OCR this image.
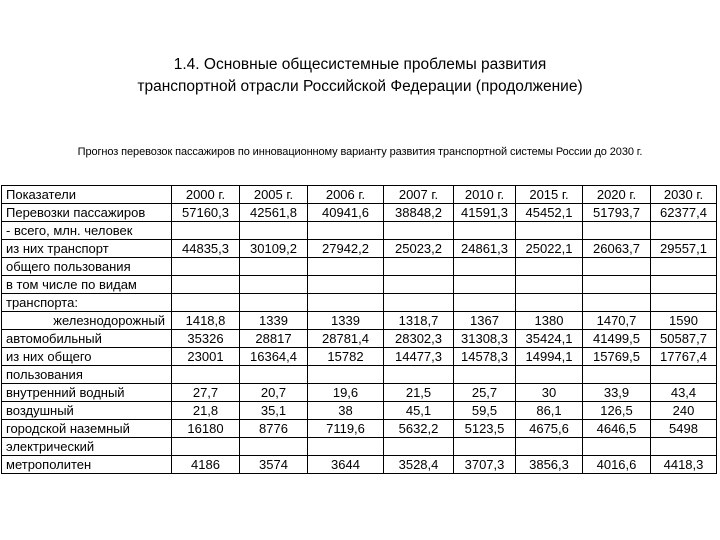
1.4. Основные общесистемные проблемы развития
транспортной отрасли Российской Федерации (продолжение)
Прогноз перевозок пассажиров по инновационному варианту развития транспортной системы России до 2030 г.
Показатели	2000 г.	2005 г.	2006 г.	2007 г.	2010 г.	2015 г.	2020 г.	2030 г.
Перевозки пассажиров	57160,3	42561,8	40941,6	38848,2	41591,3	45452,1	51793,7	62377,4
- всего, млн. человек								
из них транспорт	44835,3	30109,2	27942,2	25023,2	24861,3	25022,1	26063,7	29557,1
общего пользования								
в том числе по видам								
транспорта:								
железнодорожный	1418,8	1339	1339	1318,7	1367	1380	1470,7	1590
автомобильный	35326	28817	28781,4	28302,3	31308,3	35424,1	41499,5	50587,7
из них общего	23001	16364,4	15782	14477,3	14578,3	14994,1	15769,5	17767,4
пользования								
внутренний водный	27,7	20,7	19,6	21,5	25,7	30	33,9	43,4
воздушный	21,8	35,1	38	45,1	59,5	86,1	126,5	240
городской наземный	16180	8776	7119,6	5632,2	5123,5	4675,6	4646,5	5498
электрический								
метрополитен	4186	3574	3644	3528,4	3707,3	3856,3	4016,6	4418,3
